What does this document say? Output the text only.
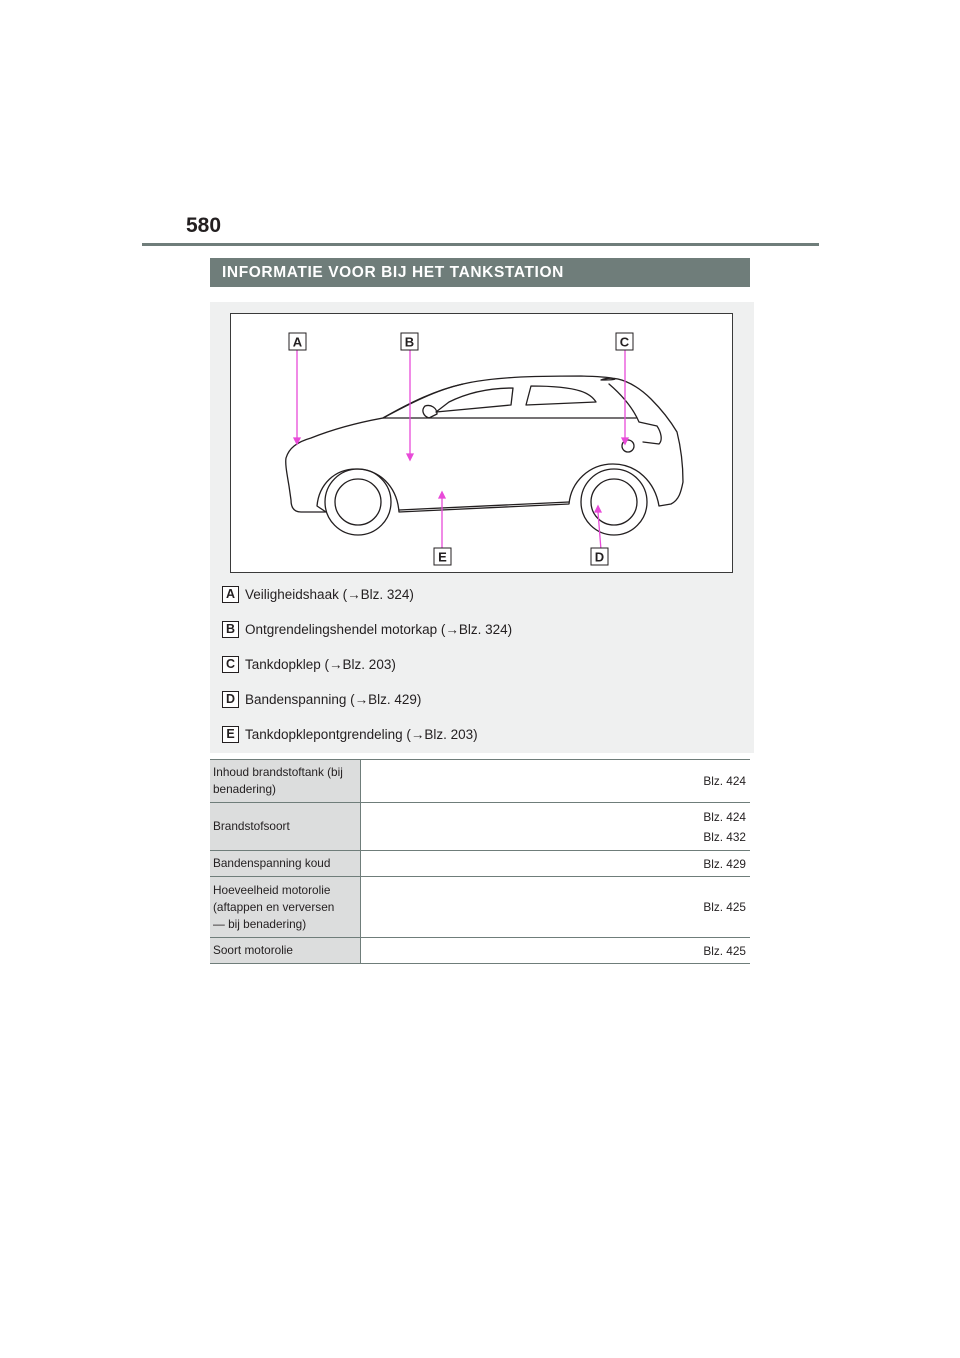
580
INFORMATIE VOOR BIJ HET TANKSTATION
A	B	C
D
E
A Veiligheidshaak (→Blz. 324)
B Ontgrendelingshendel motorkap (→Blz. 324)
C Tankdopklep (→Blz. 203)
D Bandenspanning (→Blz. 429)
E Tankdopklepontgrendeling (→Blz. 203)
Inhoud brandstoftank (bij
benadering)	Blz. 424

Brandstofsoort	Blz. 424
Blz. 432

Bandenspanning koud	Blz. 429

Hoeveelheid motorolie
(aftappen en verversen
— bij benadering)	Blz. 425

Soort motorolie	Blz. 425
